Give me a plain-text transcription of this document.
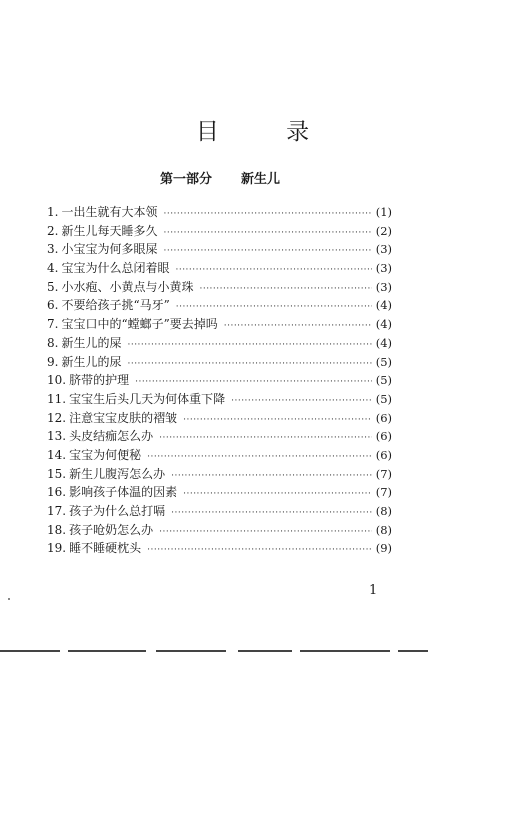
目 录
第一部分  新生儿
1. 一出生就有大本领 ·····	(1)
2. 新生儿每天睡多久 ·····	(2)
3. 小宝宝为何多眼屎 ·····	(3)
4. 宝宝为什么总闭着眼 ·····	(3)
5. 小水疱、小黄点与小黄珠 ·····	(3)
6. 不要给孩子挑“马牙” ·····	(4)
7. 宝宝口中的“螳螂子”要去掉吗 ·····	(4)
8. 新生儿的屎 ·····	(4)
9. 新生儿的尿 ·····	(5)
10. 脐带的护理 ·····	(5)
11. 宝宝生后头几天为何体重下降 ·····	(5)
12. 注意宝宝皮肤的褶皱 ·····	(6)
13. 头皮结痂怎么办 ·····	(6)
14. 宝宝为何便秘 ·····	(6)
15. 新生儿腹泻怎么办 ·····	(7)
16. 影响孩子体温的因素 ·····	(7)
17. 孩子为什么总打嗝 ·····	(8)
18. 孩子呛奶怎么办 ·····	(8)
19. 睡不睡硬枕头 ·····	(9)
1
